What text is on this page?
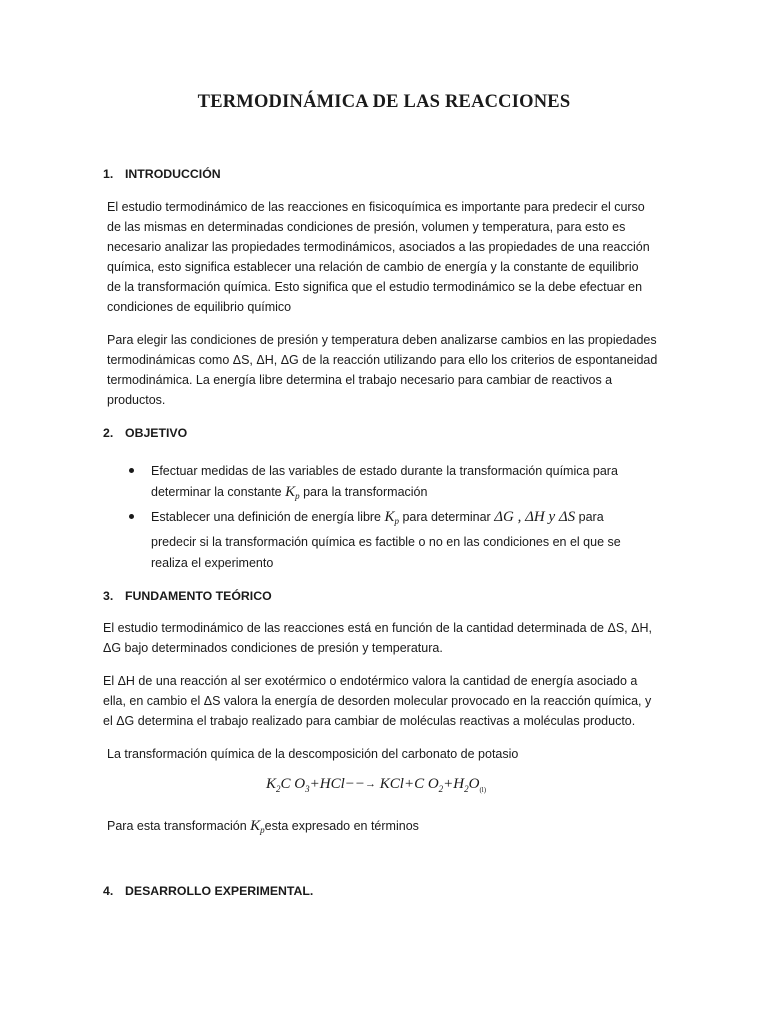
TERMODINÁMICA DE LAS REACCIONES
1. INTRODUCCIÓN
El estudio termodinámico de las reacciones en fisicoquímica es importante para predecir el curso
de las mismas en determinadas condiciones de presión, volumen y temperatura, para esto es
necesario analizar las propiedades termodinámicos, asociados a las propiedades de una reacción
química, esto significa establecer una relación de cambio de energía y la constante de equilibrio
de la transformación química. Esto significa que el estudio termodinámico se la debe efectuar en
condiciones de equilibrio químico
Para elegir las condiciones de presión y temperatura deben analizarse cambios en las propiedades
termodinámicas como ΔS, ΔH, ΔG de la reacción utilizando para ello los criterios de espontaneidad
termodinámica. La energía libre determina el trabajo necesario para cambiar de reactivos a
productos.
2. OBJETIVO
Efectuar medidas de las variables de estado durante la transformación química para
determinar la constante $K_p$ para la transformación
Establecer una definición de energía libre $K_p$ para determinar ΔG , ΔH y ΔS para
predecir si la transformación química es factible o no en las condiciones en el que se
realiza el experimento
3. FUNDAMENTO TEÓRICO
El estudio termodinámico de las reacciones está en función de la cantidad determinada de ΔS, ΔH,
ΔG bajo determinados condiciones de presión y temperatura.
El ΔH de una reacción al ser exotérmico o endotérmico valora la cantidad de energía asociado a
ella, en cambio el ΔS valora la energía de desorden molecular provocado en la reacción química, y
el ΔG determina el trabajo realizado para cambiar de moléculas reactivas a moléculas producto.
La transformación química de la descomposición del carbonato de potasio
$K_2C$ $O_3+HCl--\to KCl+C$ $O_2+H_2O_{(l)}$
Para esta transformación $K_pesta$ expresado en términos
4. DESARROLLO EXPERIMENTAL.
